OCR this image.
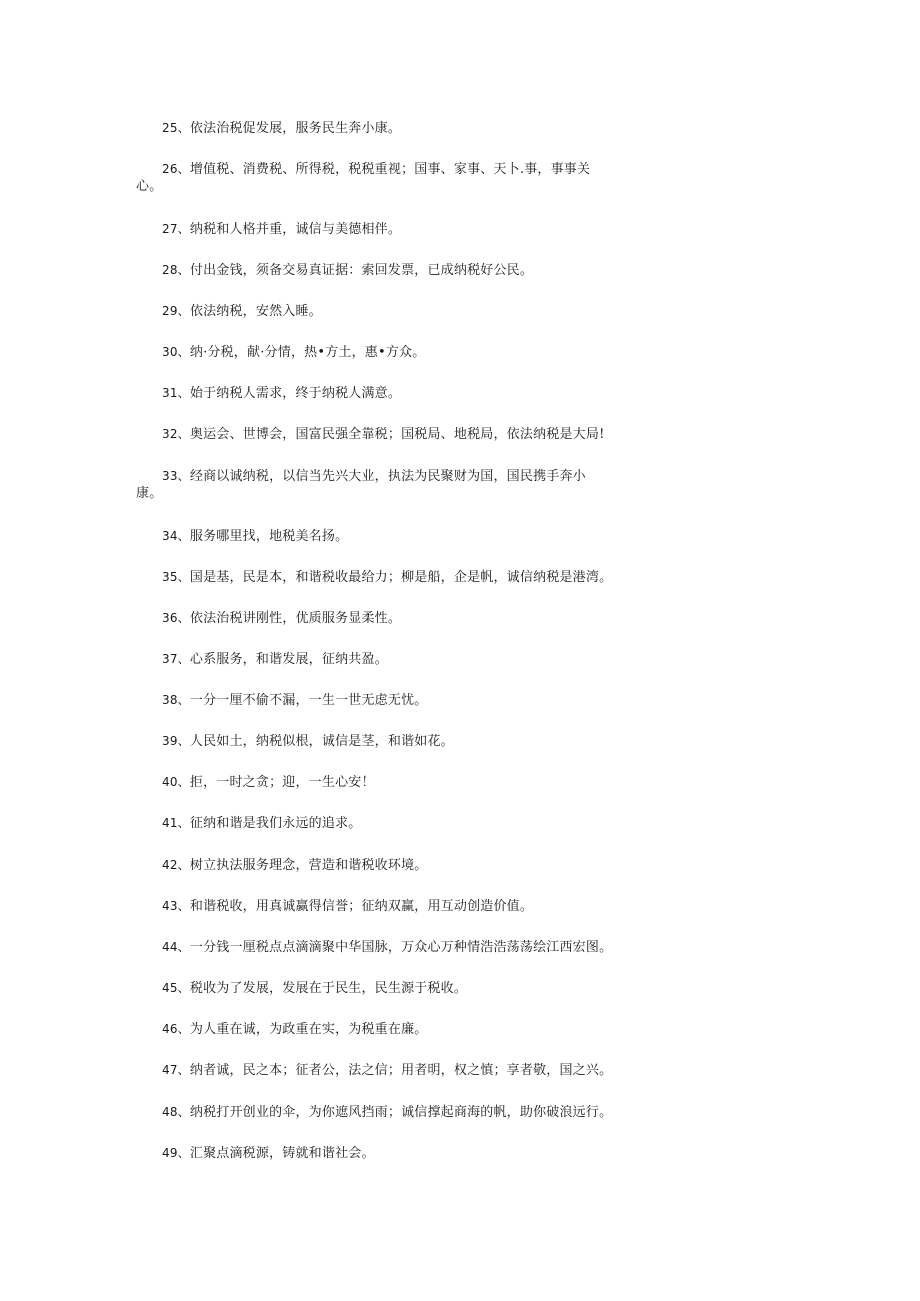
25、依法治税促发展，服务民生奔小康。
26、增值税、消费税、所得税，税税重视；国事、家事、天卜.事，事事关
心。
27、纳税和人格并重，诚信与美德相伴。
28、付出金钱，须备交易真证据：索回发票，已成纳税好公民。
29、依法纳税，安然入睡。
30、纳·分税，献·分情，热•方土，惠•方众。
31、始于纳税人需求，终于纳税人满意。
32、奥运会、世博会，国富民强全靠税；国税局、地税局，依法纳税是大局!
33、经商以诚纳税，以信当先兴大业，执法为民聚财为国，国民携手奔小
康。
34、服务哪里找，地税美名扬。
35、国是基，民是本，和谐税收最给力；柳是船，企是帆，诚信纳税是港湾。
36、依法治税讲刚性，优质服务显柔性。
37、心系服务，和谐发展，征纳共盈。
38、一分一厘不偷不漏，一生一世无虑无忧。
39、人民如土，纳税似根，诚信是茎，和谐如花。
40、拒，一时之贪；迎，一生心安！
41、征纳和谐是我们永远的追求。
42、树立执法服务理念，营造和谐税收环境。
43、和谐税收，用真诚赢得信誉；征纳双赢，用互动创造价值。
44、一分钱一厘税点点滴滴聚中华国脉，万众心万种情浩浩荡荡绘江西宏图。
45、税收为了发展，发展在于民生，民生源于税收。
46、为人重在诚，为政重在实，为税重在廉。
47、纳者诚，民之本；征者公，法之信；用者明，权之慎；享者敬，国之兴。
48、纳税打开创业的伞，为你遮风挡雨；诚信撑起商海的帆，助你破浪远行。
49、汇聚点滴税源，铸就和谐社会。
